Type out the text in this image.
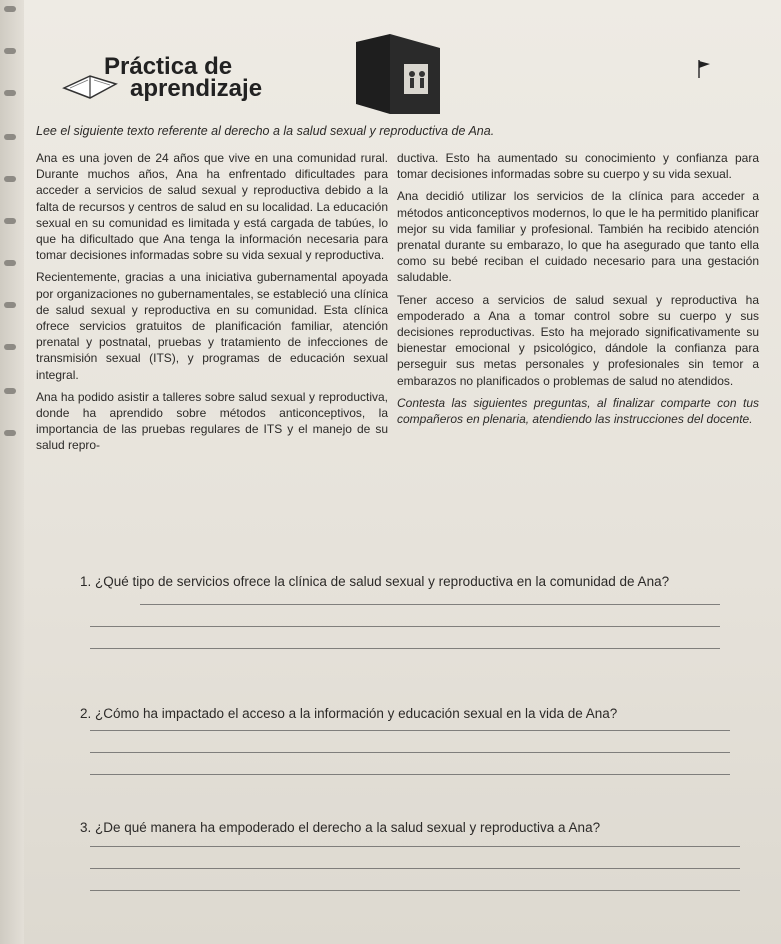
Práctica de
aprendizaje
Lee el siguiente texto referente al derecho a la salud sexual y reproductiva de Ana.

Ana es una joven de 24 años que vive en una comunidad rural. Durante muchos años, Ana ha enfrentado dificultades para acceder a servicios de salud sexual y reproductiva debido a la falta de recursos y centros de salud en su localidad. La educación sexual en su comunidad es limitada y está cargada de tabúes, lo que ha dificultado que Ana tenga la información necesaria para tomar decisiones informadas sobre su vida sexual y reproductiva.

Recientemente, gracias a una iniciativa gubernamental apoyada por organizaciones no gubernamentales, se estableció una clínica de salud sexual y reproductiva en su comunidad. Esta clínica ofrece servicios gratuitos de planificación familiar, atención prenatal y postnatal, pruebas y tratamiento de infecciones de transmisión sexual (ITS), y programas de educación sexual integral.

Ana ha podido asistir a talleres sobre salud sexual y reproductiva, donde ha aprendido sobre métodos anticonceptivos, la importancia de las pruebas regulares de ITS y el manejo de su salud repro-

ductiva. Esto ha aumentado su conocimiento y confianza para tomar decisiones informadas sobre su cuerpo y su vida sexual.

Ana decidió utilizar los servicios de la clínica para acceder a métodos anticonceptivos modernos, lo que le ha permitido planificar mejor su vida familiar y profesional. También ha recibido atención prenatal durante su embarazo, lo que ha asegurado que tanto ella como su bebé reciban el cuidado necesario para una gestación saludable.

Tener acceso a servicios de salud sexual y reproductiva ha empoderado a Ana a tomar control sobre su cuerpo y sus decisiones reproductivas. Esto ha mejorado significativamente su bienestar emocional y psicológico, dándole la confianza para perseguir sus metas personales y profesionales sin temor a embarazos no planificados o problemas de salud no atendidos.

Contesta las siguientes preguntas, al finalizar comparte con tus compañeros en plenaria, atendiendo las instrucciones del docente.

1. ¿Qué tipo de servicios ofrece la clínica de salud sexual y reproductiva en la comunidad de Ana?
2. ¿Cómo ha impactado el acceso a la información y educación sexual en la vida de Ana?
3. ¿De qué manera ha empoderado el derecho a la salud sexual y reproductiva a Ana?
